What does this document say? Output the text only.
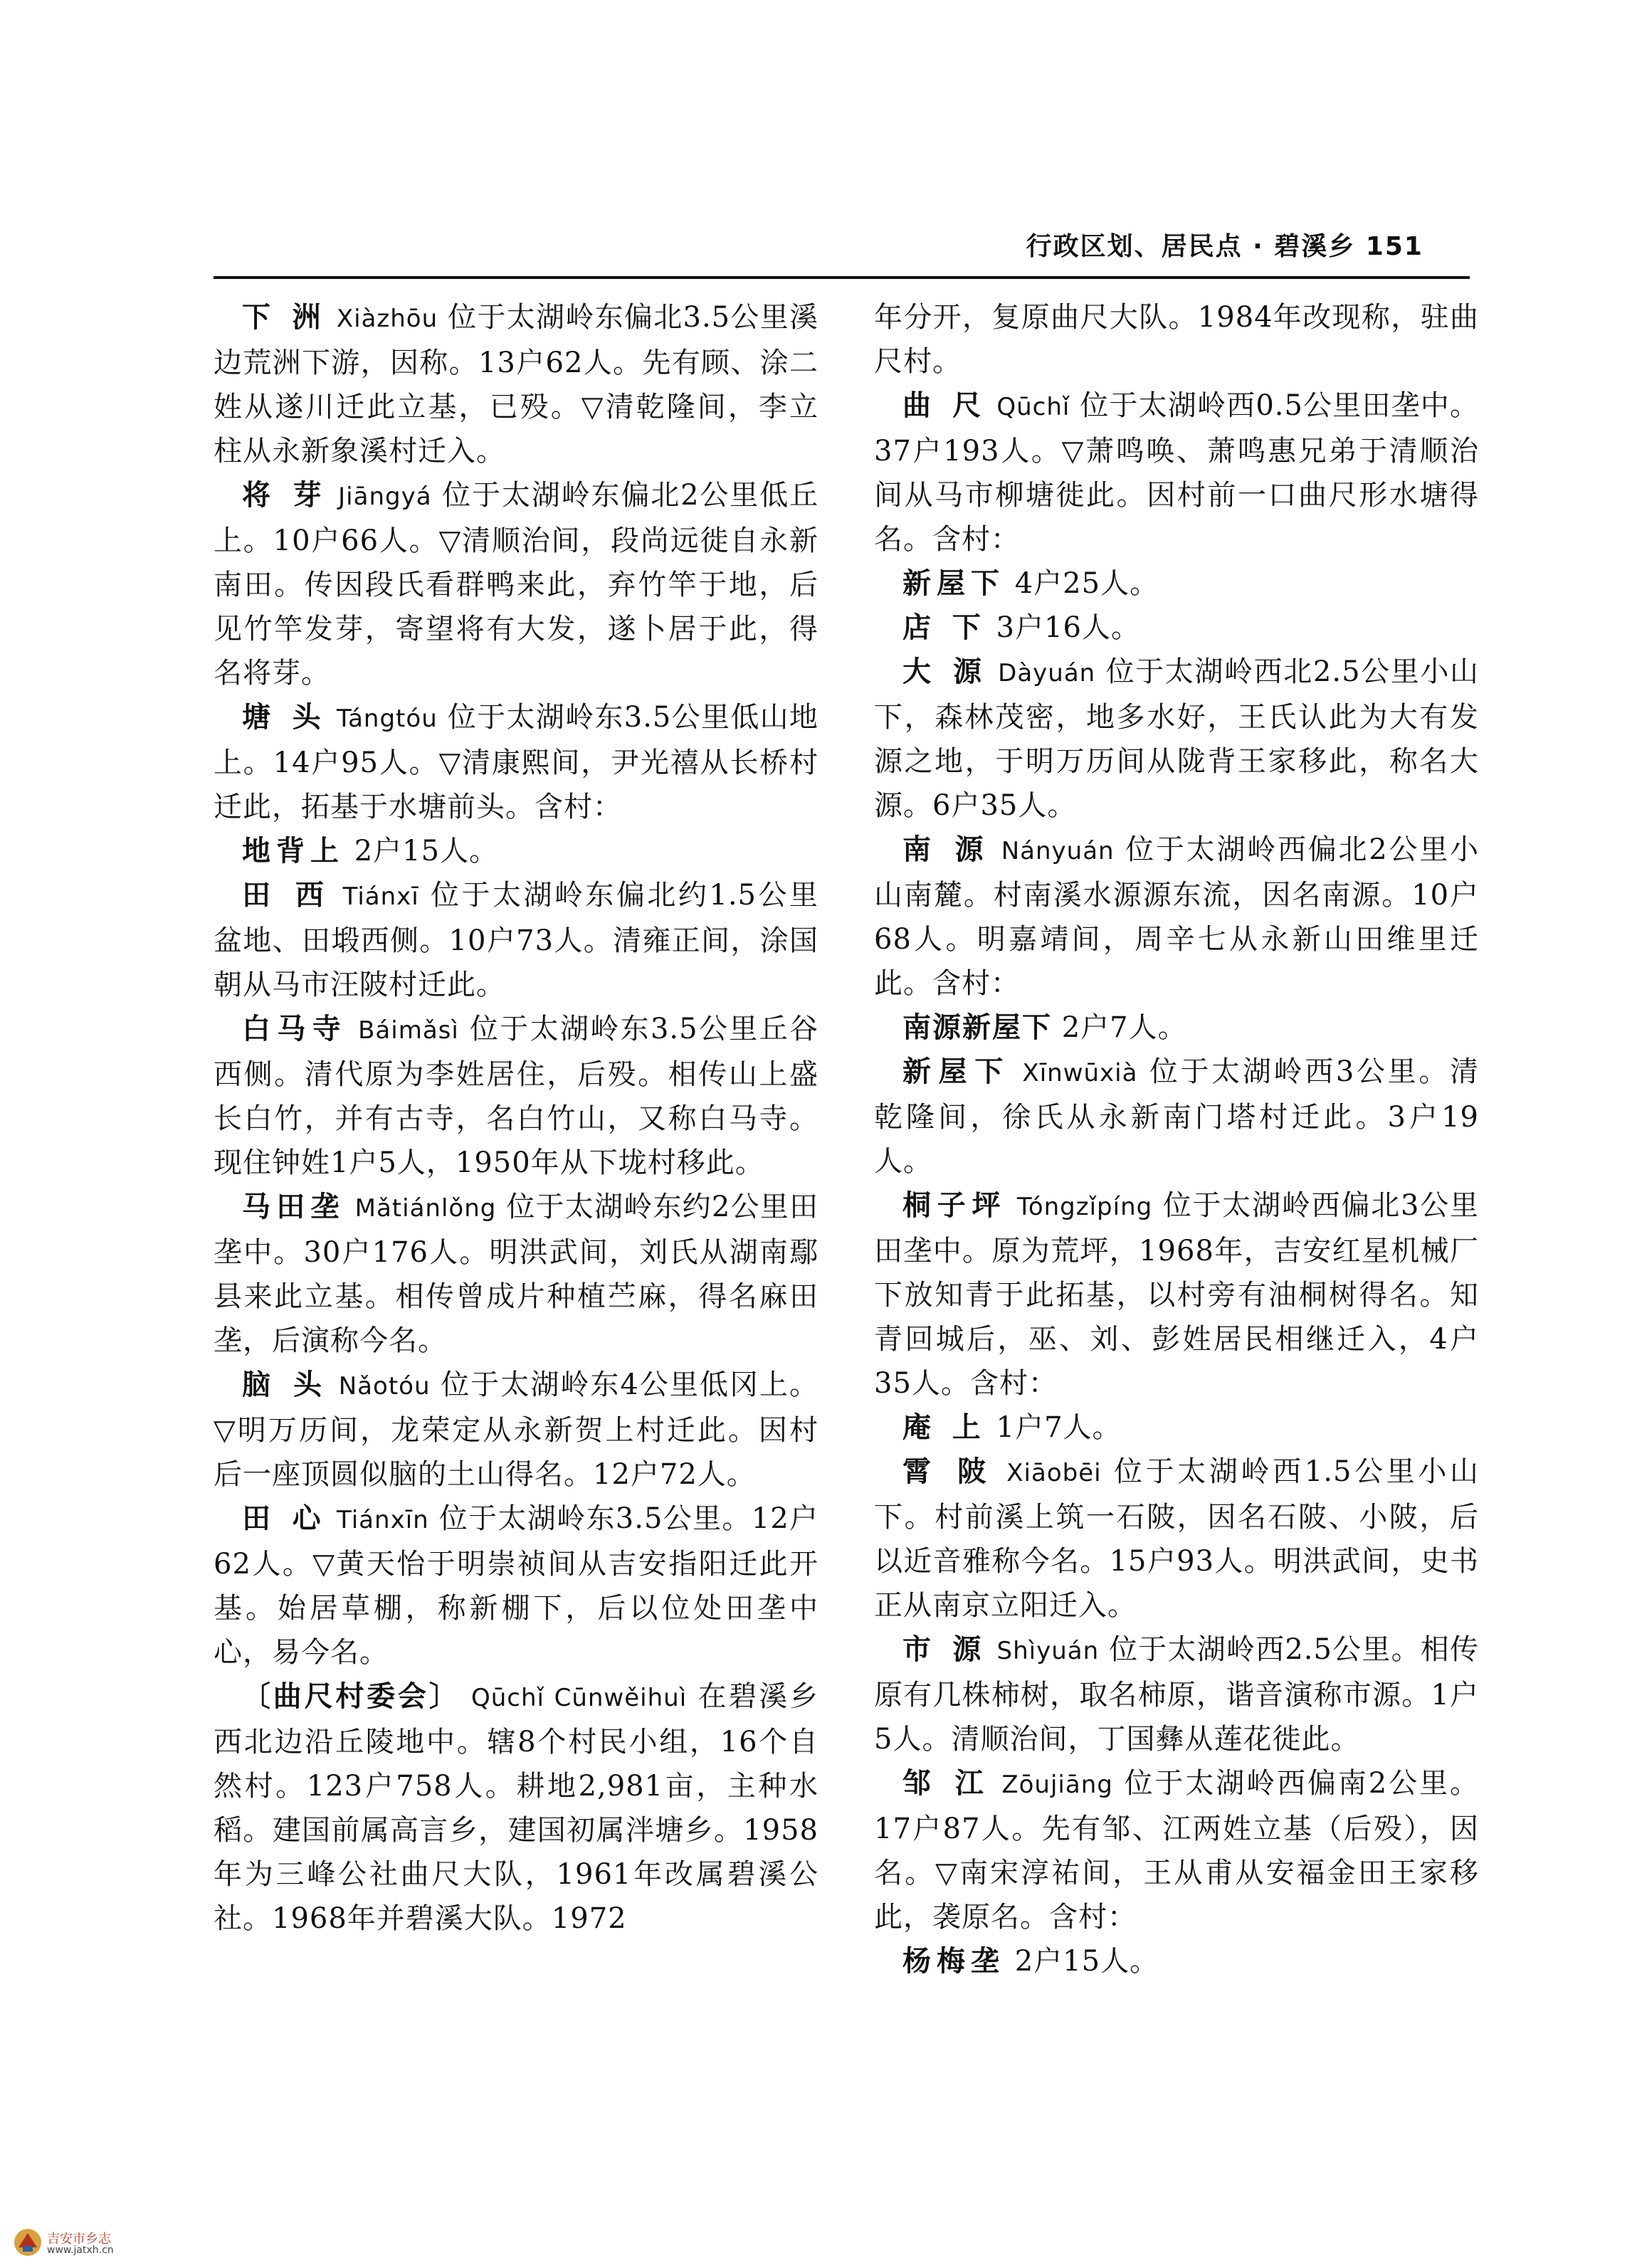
行政区划、居民点 · 碧溪乡 151

下 洲 Xiàzhōu 位于太湖岭东偏北3.5公里溪边荒洲下游，因称。13户62人。先有顾、涂二姓从遂川迁此立基，已殁。▽清乾隆间，李立柱从永新象溪村迁入。

将 芽 Jiāngyá 位于太湖岭东偏北2公里低丘上。10户66人。▽清顺治间，段尚远徙自永新南田。传因段氏看群鸭来此，弃竹竿于地，后见竹竿发芽，寄望将有大发，遂卜居于此，得名将芽。

塘 头 Tángtóu 位于太湖岭东3.5公里低山地上。14户95人。▽清康熙间，尹光禧从长桥村迁此，拓基于水塘前头。含村：

地背上 2户15人。

田 西 Tiánxī 位于太湖岭东偏北约1.5公里盆地、田塅西侧。10户73人。清雍正间，涂国朝从马市汪陂村迁此。

白马寺 Báimǎsì 位于太湖岭东3.5公里丘谷西侧。清代原为李姓居住，后殁。相传山上盛长白竹，并有古寺，名白竹山，又称白马寺。现住钟姓1户5人，1950年从下垅村移此。

马田垄 Mǎtiánlǒng 位于太湖岭东约2公里田垄中。30户176人。明洪武间，刘氏从湖南鄢县来此立基。相传曾成片种植苎麻，得名麻田垄，后演称今名。

脑 头 Nǎotóu 位于太湖岭东4公里低冈上。▽明万历间，龙荣定从永新贺上村迁此。因村后一座顶圆似脑的土山得名。12户72人。

田 心 Tiánxīn 位于太湖岭东3.5公里。12户62人。▽黄天怡于明崇祯间从吉安指阳迁此开基。始居草棚，称新棚下，后以位处田垄中心，易今名。

〔曲尺村委会〕 Qūchǐ Cūnwěihuì 在碧溪乡西北边沿丘陵地中。辖8个村民小组，16个自然村。123户758人。耕地2,981亩，主种水稻。建国前属高言乡，建国初属泮塘乡。1958年为三峰公社曲尺大队，1961年改属碧溪公社。1968年并碧溪大队。1972

年分开，复原曲尺大队。1984年改现称，驻曲尺村。

曲 尺 Qūchǐ 位于太湖岭西0.5公里田垄中。37户193人。▽萧鸣唤、萧鸣惠兄弟于清顺治间从马市柳塘徙此。因村前一口曲尺形水塘得名。含村：

新屋下 4户25人。

店 下 3户16人。

大 源 Dàyuán 位于太湖岭西北2.5公里小山下，森林茂密，地多水好，王氏认此为大有发源之地，于明万历间从陇背王家移此，称名大源。6户35人。

南 源 Nányuán 位于太湖岭西偏北2公里小山南麓。村南溪水源源东流，因名南源。10户68人。明嘉靖间，周辛七从永新山田维里迁此。含村：

南源新屋下 2户7人。

新屋下 Xīnwūxià 位于太湖岭西3公里。清乾隆间，徐氏从永新南门塔村迁此。3户19人。

桐子坪 Tóngzǐpíng 位于太湖岭西偏北3公里田垄中。原为荒坪，1968年，吉安红星机械厂下放知青于此拓基，以村旁有油桐树得名。知青回城后，巫、刘、彭姓居民相继迁入，4户35人。含村：

庵 上 1户7人。

霄 陂 Xiāobēi 位于太湖岭西1.5公里小山下。村前溪上筑一石陂，因名石陂、小陂，后以近音雅称今名。15户93人。明洪武间，史书正从南京立阳迁入。

市 源 Shìyuán 位于太湖岭西2.5公里。相传原有几株柿树，取名柿原，谐音演称市源。1户5人。清顺治间，丁国彝从莲花徙此。

邹 江 Zōujiāng 位于太湖岭西偏南2公里。17户87人。先有邹、江两姓立基（后殁），因名。▽南宋淳祐间，王从甫从安福金田王家移此，袭原名。含村：

杨梅垄 2户15人。

吉安市乡志
www.jatxh.cn
